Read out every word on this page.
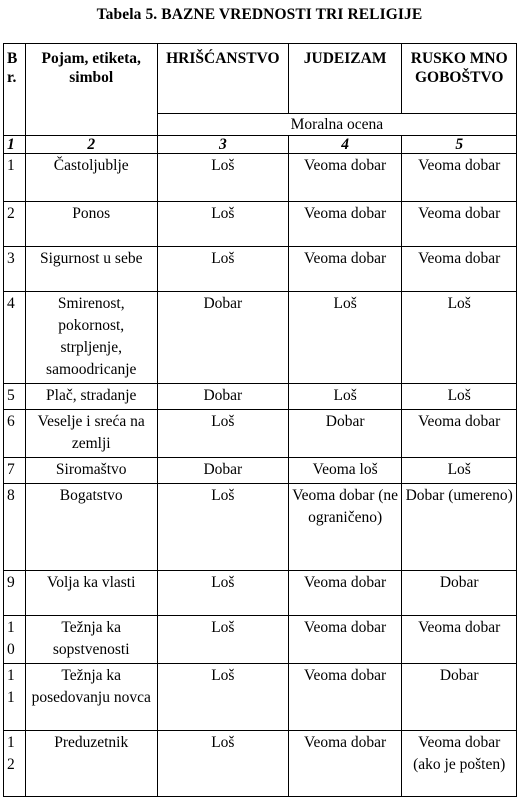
Tabela 5. BAZNE VREDNOSTI TRI RELIGIJE
Br.	Pojam, etiketa, simbol	HRIŠĆANSTVO	JUDEIZAM	RUSKO MNOGOBOŠTVO
		Moralna ocena		
1	2	3	4	5
1	Častoljublje	Loš	Veoma dobar	Veoma dobar
2	Ponos	Loš	Veoma dobar	Veoma dobar
3	Sigurnost u sebe	Loš	Veoma dobar	Veoma dobar
4	Smirenost, pokornost, strpljenje, samoodricanje	Dobar	Loš	Loš
5	Plač, stradanje	Dobar	Loš	Loš
6	Veselje i sreća na zemlji	Loš	Dobar	Veoma dobar
7	Siromaštvo	Dobar	Veoma loš	Loš
8	Bogatstvo	Loš	Veoma dobar (neograničeno)	Dobar (umereno)
9	Volja ka vlasti	Loš	Veoma dobar	Dobar
10	Težnja ka sopstvenosti	Loš	Veoma dobar	Veoma dobar
11	Težnja ka posedovanju novca	Loš	Veoma dobar	Dobar
12	Preduzetnik	Loš	Veoma dobar	Veoma dobar (ako je pošten)
